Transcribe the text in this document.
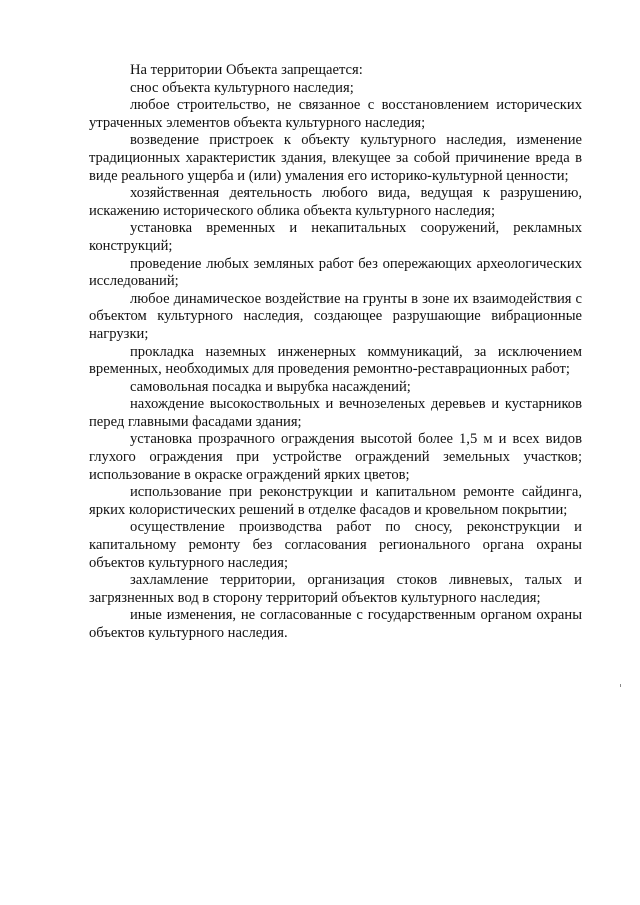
На территории Объекта запрещается:

снос объекта культурного наследия;

любое строительство, не связанное с восстановлением исторических утраченных элементов объекта культурного наследия;

возведение пристроек к объекту культурного наследия, изменение традиционных характеристик здания, влекущее за собой причинение вреда в виде реального ущерба и (или) умаления его историко-культурной ценности;

хозяйственная деятельность любого вида, ведущая к разрушению, искажению исторического облика объекта культурного наследия;

установка временных и некапитальных сооружений, рекламных конструкций;

проведение любых земляных работ без опережающих археологических исследований;

любое динамическое воздействие на грунты в зоне их взаимодействия с объектом культурного наследия, создающее разрушающие вибрационные нагрузки;

прокладка наземных инженерных коммуникаций, за исключением временных, необходимых для проведения ремонтно-реставрационных работ;

самовольная посадка и вырубка насаждений;

нахождение высокоствольных и вечнозеленых деревьев и кустарников перед главными фасадами здания;

установка прозрачного ограждения высотой более 1,5 м и всех видов глухого ограждения при устройстве ограждений земельных участков; использование в окраске ограждений ярких цветов;

использование при реконструкции и капитальном ремонте сайдинга, ярких колористических решений в отделке фасадов и кровельном покрытии;

осуществление производства работ по сносу, реконструкции и капитальному ремонту без согласования регионального органа охраны объектов культурного наследия;

захламление территории, организация стоков ливневых, талых и загрязненных вод в сторону территорий объектов культурного наследия;

иные изменения, не согласованные с государственным органом охраны объектов культурного наследия.
